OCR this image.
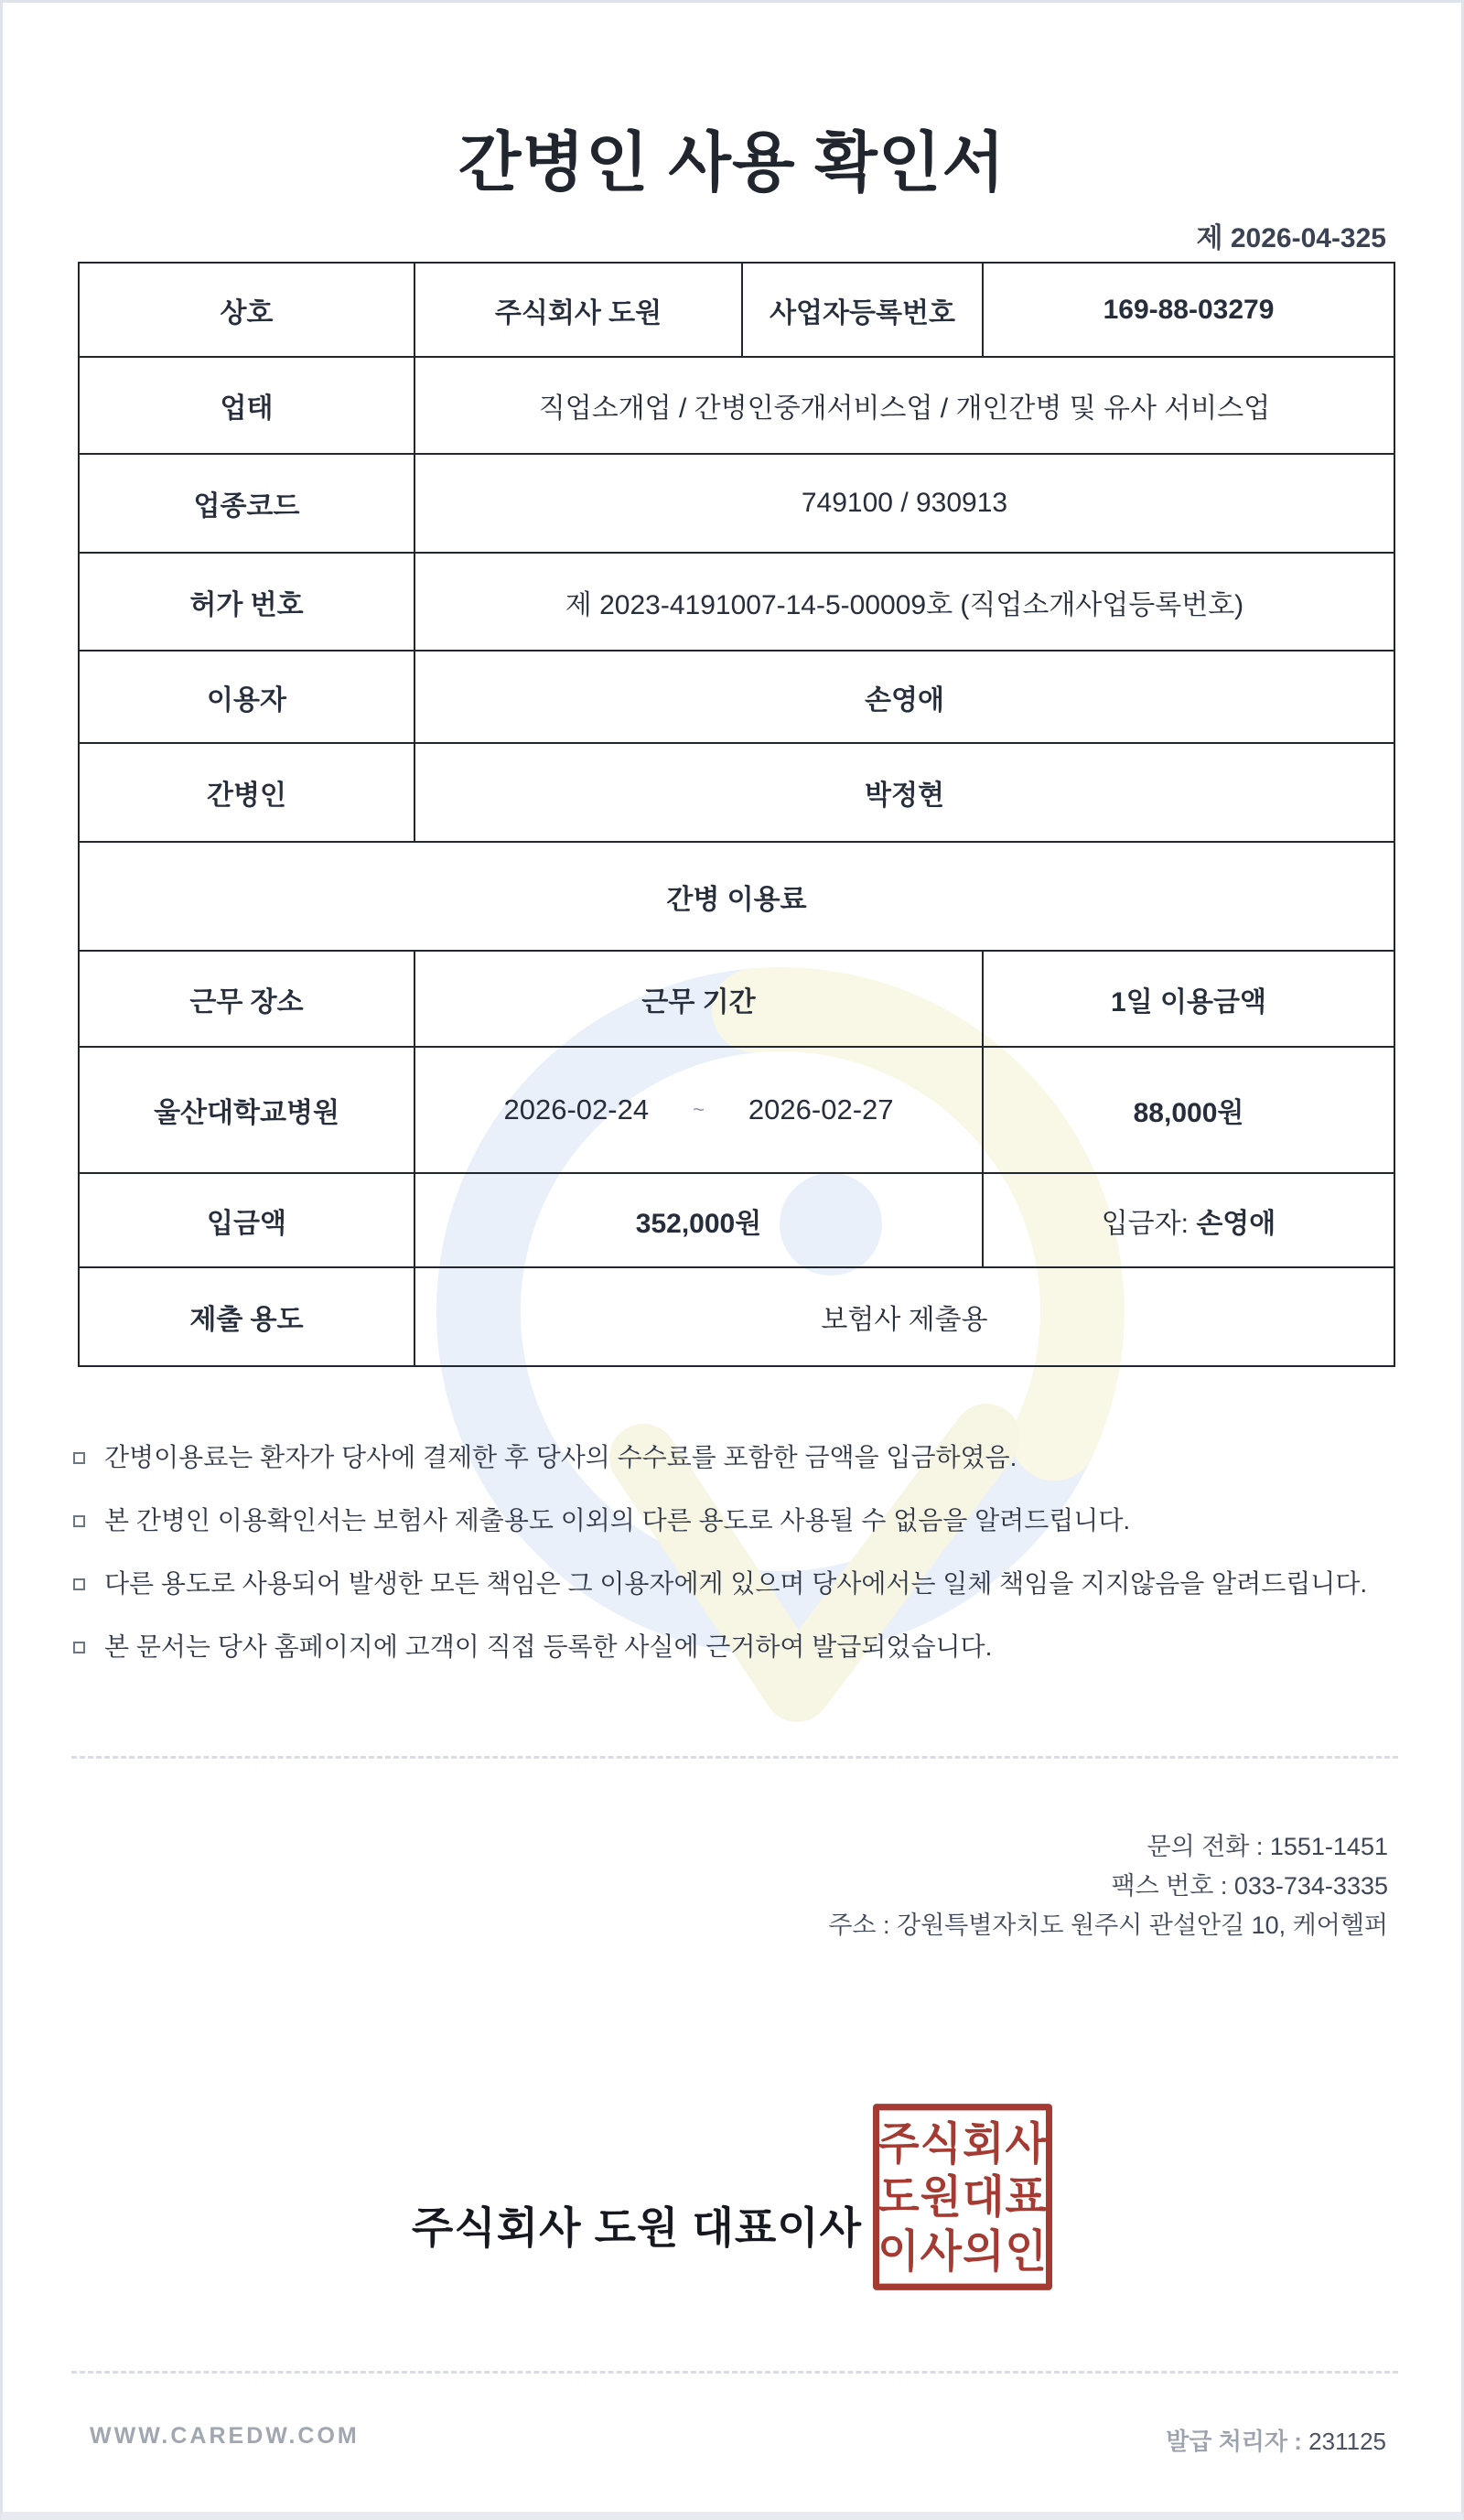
간병인 사용 확인서
제 2026-04-325
상호	주식회사 도원	사업자등록번호	169-88-03279
업태	직업소개업 / 간병인중개서비스업 / 개인간병 및 유사 서비스업		
업종코드	749100 / 930913		
허가 번호	제 2023-4191007-14-5-00009호 (직업소개사업등록번호)		
이용자	손영애		
간병인	박정현		
간병 이용료			
근무 장소	근무 기간		1일 이용금액
울산대학교병원	2026-02-24 ~ 2026-02-27		88,000원
입금액	352,000원		입금자: 손영애
제출 용도	보험사 제출용		
간병이용료는 환자가 당사에 결제한 후 당사의 수수료를 포함한 금액을 입금하였음.
본 간병인 이용확인서는 보험사 제출용도 이외의 다른 용도로 사용될 수 없음을 알려드립니다.
다른 용도로 사용되어 발생한 모든 책임은 그 이용자에게 있으며 당사에서는 일체 책임을 지지않음을 알려드립니다.
본 문서는 당사 홈페이지에 고객이 직접 등록한 사실에 근거하여 발급되었습니다.
문의 전화 : 1551-1451
팩스 번호 : 033-734-3335
주소 : 강원특별자치도 원주시 관설안길 10, 케어헬퍼
주식회사 도원 대표이사
주식회사
도원대표
이사의인
WWW.CAREDW.COM	발급 처리자 : 231125
